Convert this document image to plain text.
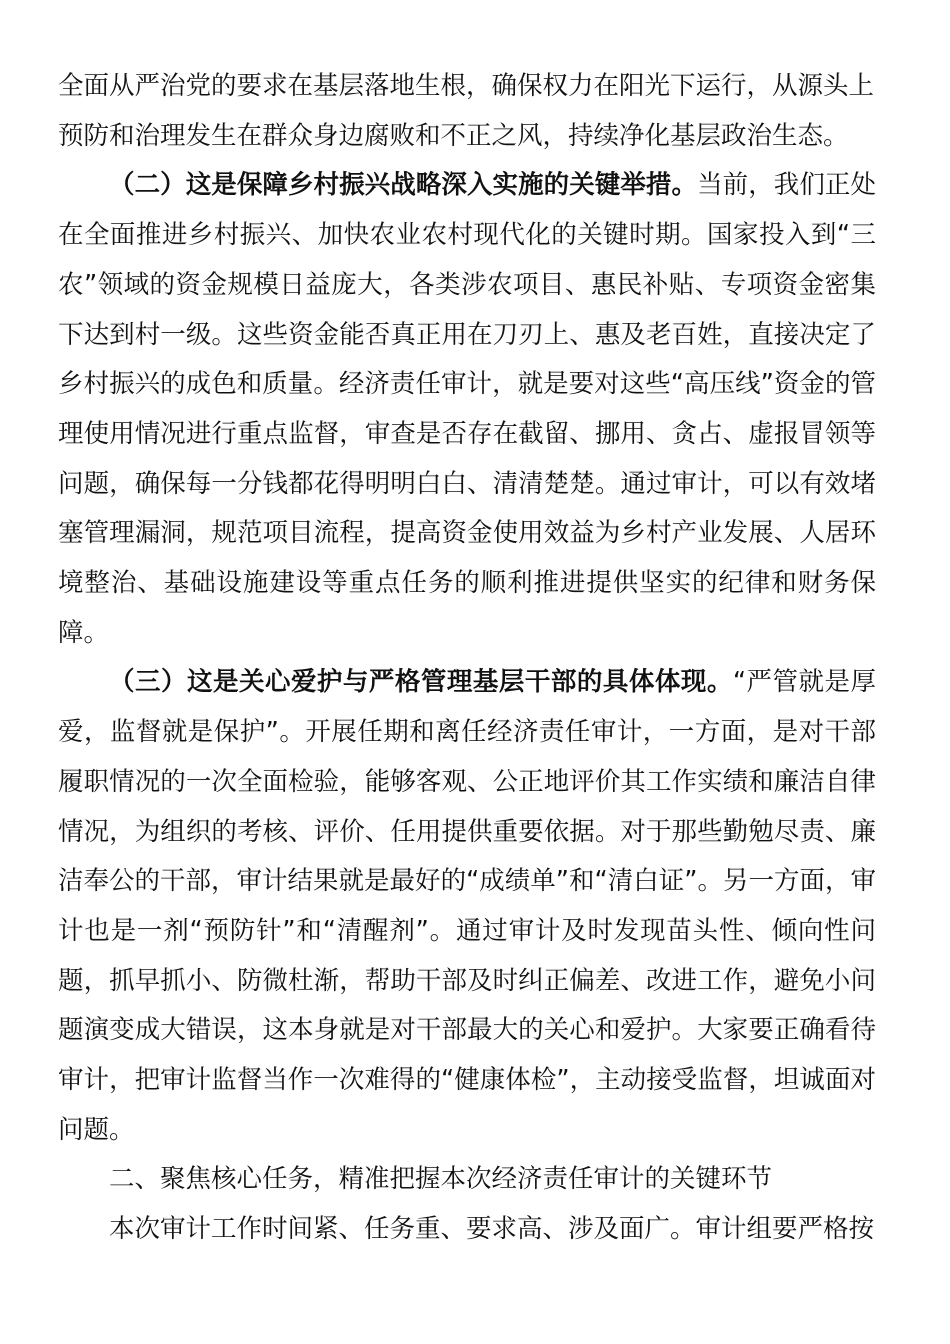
全面从严治党的要求在基层落地生根，确保权力在阳光下运行，从源头上预防和治理发生在群众身边腐败和不正之风，持续净化基层政治生态。

（二）这是保障乡村振兴战略深入实施的关键举措。当前，我们正处在全面推进乡村振兴、加快农业农村现代化的关键时期。国家投入到“三农”领域的资金规模日益庞大，各类涉农项目、惠民补贴、专项资金密集下达到村一级。这些资金能否真正用在刀刃上、惠及老百姓，直接决定了乡村振兴的成色和质量。经济责任审计，就是要对这些“高压线”资金的管理使用情况进行重点监督，审查是否存在截留、挪用、贪占、虚报冒领等问题，确保每一分钱都花得明明白白、清清楚楚。通过审计，可以有效堵塞管理漏洞，规范项目流程，提高资金使用效益为乡村产业发展、人居环境整治、基础设施建设等重点任务的顺利推进提供坚实的纪律和财务保障。

（三）这是关心爱护与严格管理基层干部的具体体现。“严管就是厚爱，监督就是保护”。开展任期和离任经济责任审计，一方面，是对干部履职情况的一次全面检验，能够客观、公正地评价其工作实绩和廉洁自律情况，为组织的考核、评价、任用提供重要依据。对于那些勤勉尽责、廉洁奉公的干部，审计结果就是最好的“成绩单”和“清白证”。另一方面，审计也是一剂“预防针”和“清醒剂”。通过审计及时发现苗头性、倾向性问题，抓早抓小、防微杜渐，帮助干部及时纠正偏差、改进工作，避免小问题演变成大错误，这本身就是对干部最大的关心和爱护。大家要正确看待审计，把审计监督当作一次难得的“健康体检”，主动接受监督，坦诚面对问题。

二、聚焦核心任务，精准把握本次经济责任审计的关键环节

本次审计工作时间紧、任务重、要求高、涉及面广。审计组要严格按
